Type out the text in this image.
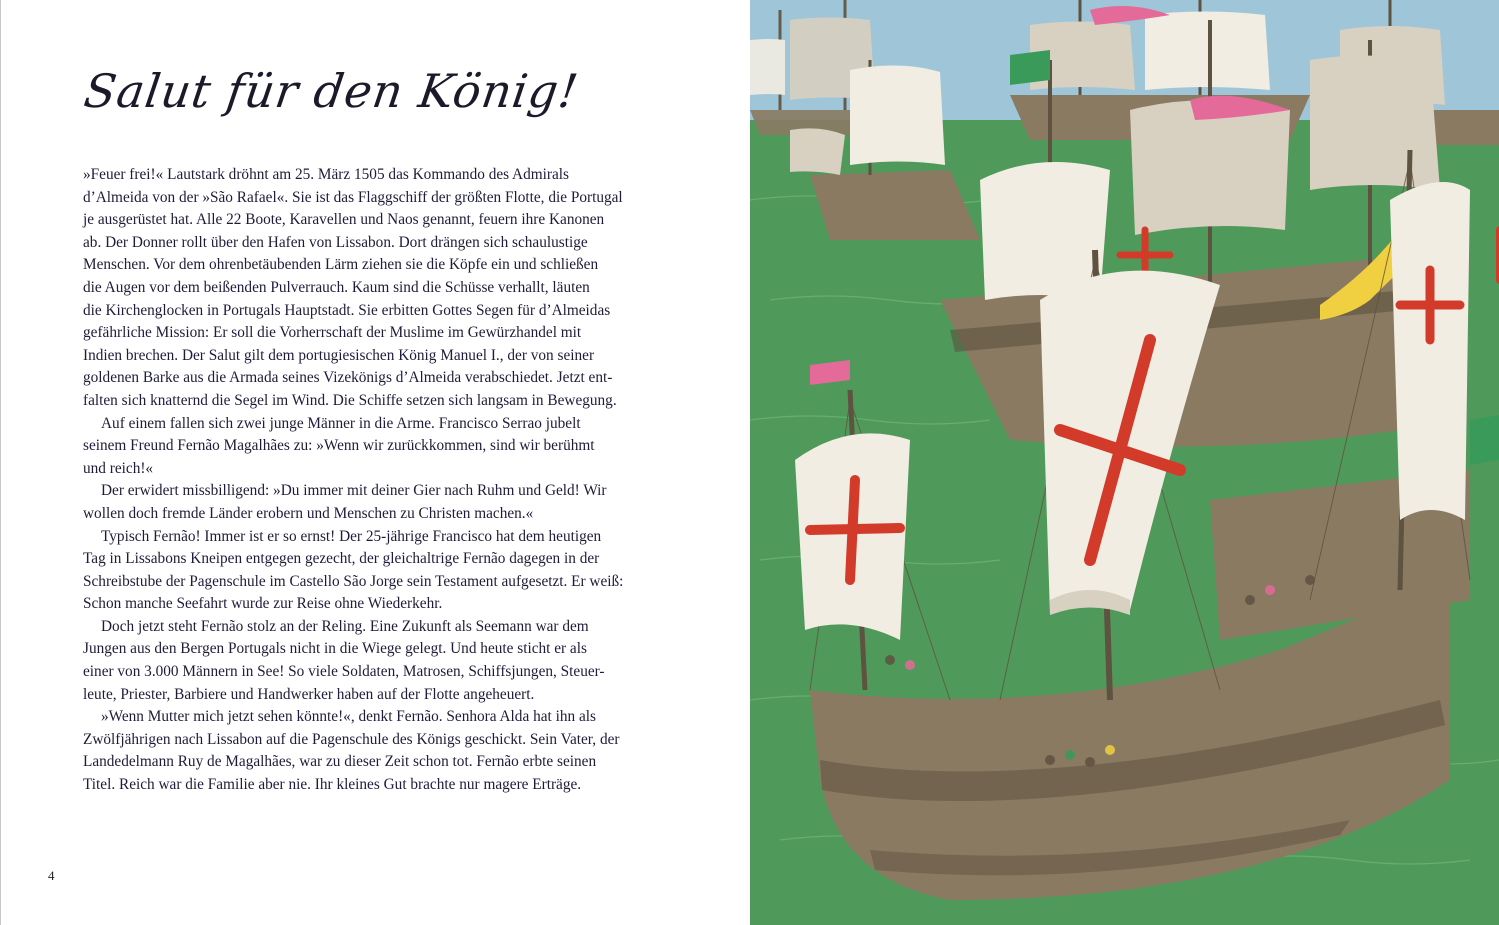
Salut für den König!

»Feuer frei!« Lautstark dröhnt am 25. März 1505 das Kommando des Admirals

d’Almeida von der »São Rafael«. Sie ist das Flaggschiff der größten Flotte, die Portugal

je ausgerüstet hat. Alle 22 Boote, Karavellen und Naos genannt, feuern ihre Kanonen

ab. Der Donner rollt über den Hafen von Lissabon. Dort drängen sich schaulustige

Menschen. Vor dem ohrenbetäubenden Lärm ziehen sie die Köpfe ein und schließen

die Augen vor dem beißenden Pulverrauch. Kaum sind die Schüsse verhallt, läuten

die Kirchenglocken in Portugals Hauptstadt. Sie erbitten Gottes Segen für d’Almeidas

gefährliche Mission: Er soll die Vorherrschaft der Muslime im Gewürzhandel mit

Indien brechen. Der Salut gilt dem portugiesischen König Manuel I., der von seiner

goldenen Barke aus die Armada seines Vizekönigs d’Almeida verabschiedet. Jetzt ent-

falten sich knatternd die Segel im Wind. Die Schiffe setzen sich langsam in Bewegung.

Auf einem fallen sich zwei junge Männer in die Arme. Francisco Serrao jubelt

seinem Freund Fernão Magalhães zu: »Wenn wir zurückkommen, sind wir berühmt

und reich!«

Der erwidert missbilligend: »Du immer mit deiner Gier nach Ruhm und Geld! Wir

wollen doch fremde Länder erobern und Menschen zu Christen machen.«

Typisch Fernão! Immer ist er so ernst! Der 25-jährige Francisco hat dem heutigen

Tag in Lissabons Kneipen entgegen gezecht, der gleichaltrige Fernão dagegen in der

Schreibstube der Pagenschule im Castello São Jorge sein Testament aufgesetzt. Er weiß:

Schon manche Seefahrt wurde zur Reise ohne Wiederkehr.

Doch jetzt steht Fernão stolz an der Reling. Eine Zukunft als Seemann war dem

Jungen aus den Bergen Portugals nicht in die Wiege gelegt. Und heute sticht er als

einer von 3.000 Männern in See! So viele Soldaten, Matrosen, Schiffsjungen, Steuer-

leute, Priester, Barbiere und Handwerker haben auf der Flotte angeheuert.

»Wenn Mutter mich jetzt sehen könnte!«, denkt Fernão. Senhora Alda hat ihn als

Zwölfjährigen nach Lissabon auf die Pagenschule des Königs geschickt. Sein Vater, der

Landedelmann Ruy de Magalhães, war zu dieser Zeit schon tot. Fernão erbte seinen

Titel. Reich war die Familie aber nie. Ihr kleines Gut brachte nur magere Erträge.

4
